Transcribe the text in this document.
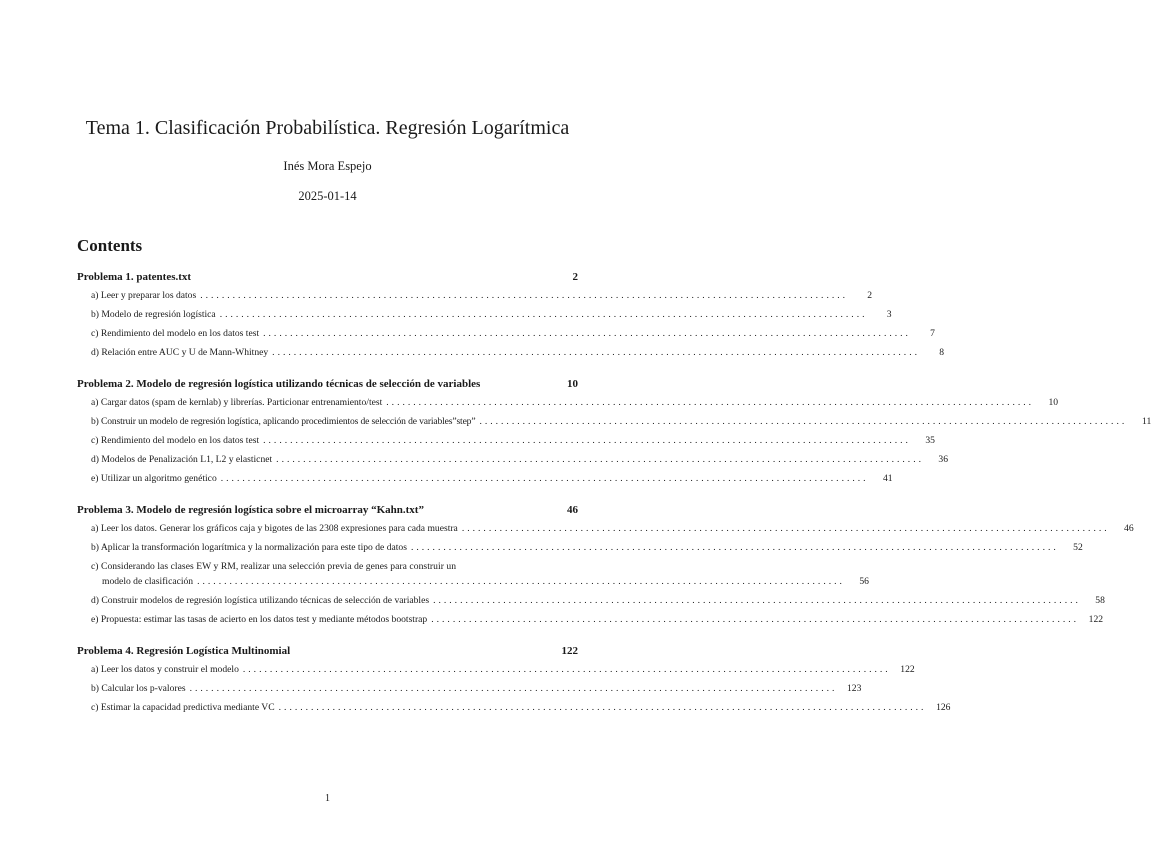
Tema 1. Clasificación Probabilística. Regresión Logarítmica
Inés Mora Espejo
2025-01-14
Contents
Problema 1. patentes.txt	2
a) Leer y preparar los datos ........................................................................................................................	2
b) Modelo de regresión logística ........................................................................................................................	3
c) Rendimiento del modelo en los datos test ........................................................................................................................	7
d) Relación entre AUC y U de Mann-Whitney ........................................................................................................................	8
Problema 2. Modelo de regresión logística utilizando técnicas de selección de variables	10
a) Cargar datos (spam de kernlab) y librerías. Particionar entrenamiento/test ........................................................................................................................	10
b) Construir un modelo de regresión logística, aplicando procedimientos de selección de variables”step” ........................................................................................................................	11
c) Rendimiento del modelo en los datos test ........................................................................................................................	35
d) Modelos de Penalización L1, L2 y elasticnet ........................................................................................................................	36
e) Utilizar un algoritmo genético ........................................................................................................................	41
Problema 3. Modelo de regresión logística sobre el microarray “Kahn.txt”	46
a) Leer los datos. Generar los gráficos caja y bigotes de las 2308 expresiones para cada muestra ........................................................................................................................	46
b) Aplicar la transformación logarítmica y la normalización para este tipo de datos ........................................................................................................................	52
c) Considerando las clases EW y RM, realizar una selección previa de genes para construir un
modelo de clasificación ........................................................................................................................	56
d) Construir modelos de regresión logística utilizando técnicas de selección de variables ........................................................................................................................	58
e) Propuesta: estimar las tasas de acierto en los datos test y mediante métodos bootstrap ........................................................................................................................	122
Problema 4. Regresión Logística Multinomial	122
a) Leer los datos y construir el modelo ........................................................................................................................	122
b) Calcular los p-valores ........................................................................................................................	123
c) Estimar la capacidad predictiva mediante VC ........................................................................................................................	126
1
